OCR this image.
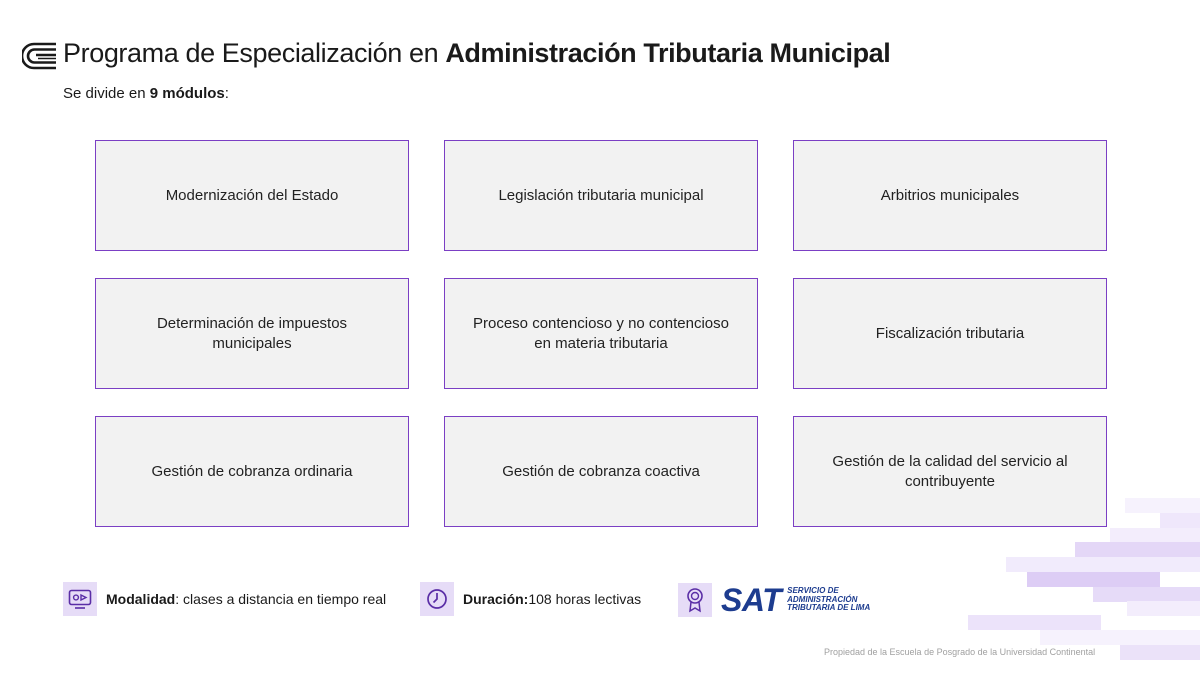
Programa de Especialización en Administración Tributaria Municipal
Se divide en 9 módulos:
Modernización del Estado	Legislación tributaria municipal	Arbitrios municipales
Determinación de impuestos municipales
Proceso contencioso y no contencioso en materia tributaria
Fiscalización tributaria
Gestión de cobranza ordinaria	Gestión de cobranza coactiva
Gestión de la calidad del servicio al contribuyente
Modalidad : clases a distancia en tiempo real	Duración: 108 horas lectivas SAT SERVICIO DE ADMINISTRACIÓN TRIBUTARIA DE LIMA
Propiedad de la Escuela de Posgrado de la Universidad Continental
